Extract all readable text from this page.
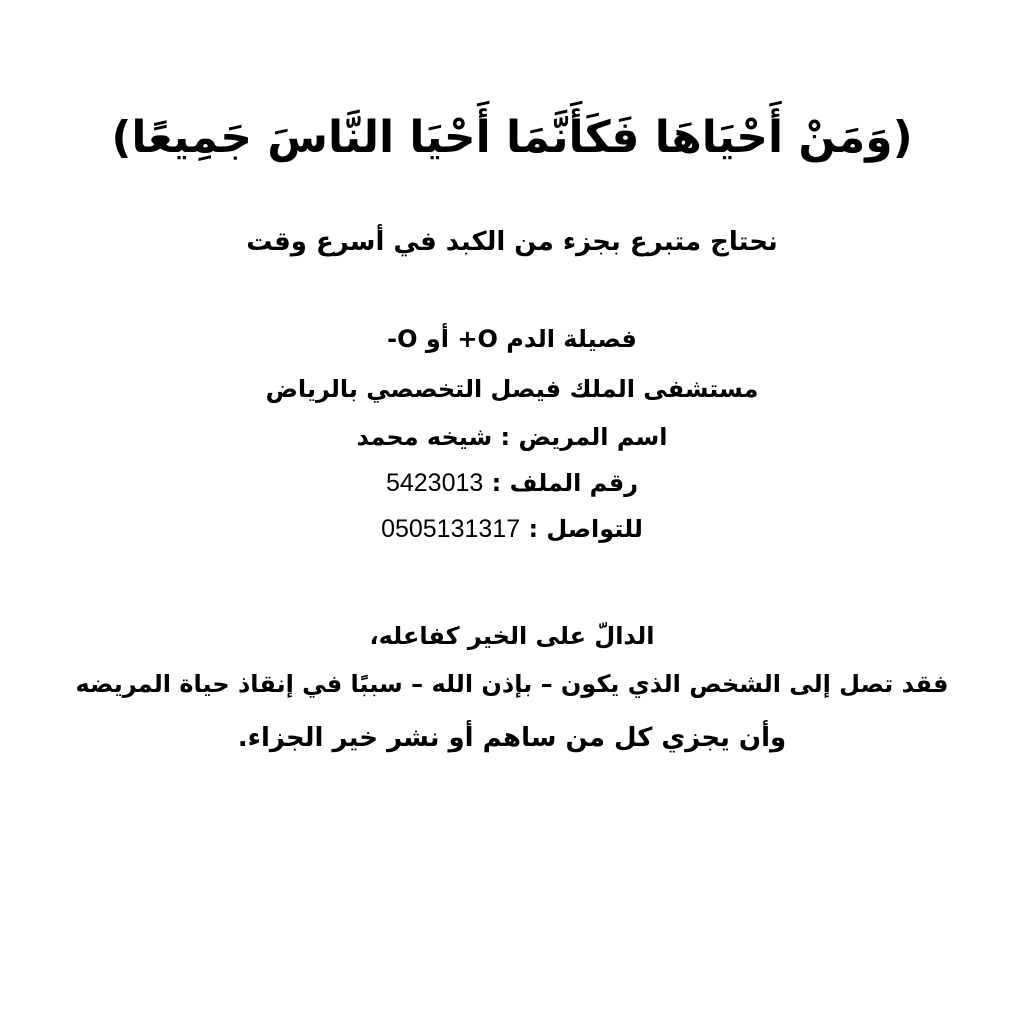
(وَمَنْ أَحْيَاهَا فَكَأَنَّمَا أَحْيَا النَّاسَ جَمِيعًا)
نحتاج متبرع بجزء من الكبد في أسرع وقت
فصيلة الدم O+ أو O-
مستشفى الملك فيصل التخصصي بالرياض
اسم المريض : شيخه محمد
رقم الملف : 5423013
للتواصل : 0505131317
الدالّ على الخير كفاعله،
فقد تصل إلى الشخص الذي يكون – بإذن الله – سببًا في إنقاذ حياة المريضه
وأن يجزي كل من ساهم أو نشر خير الجزاء.
